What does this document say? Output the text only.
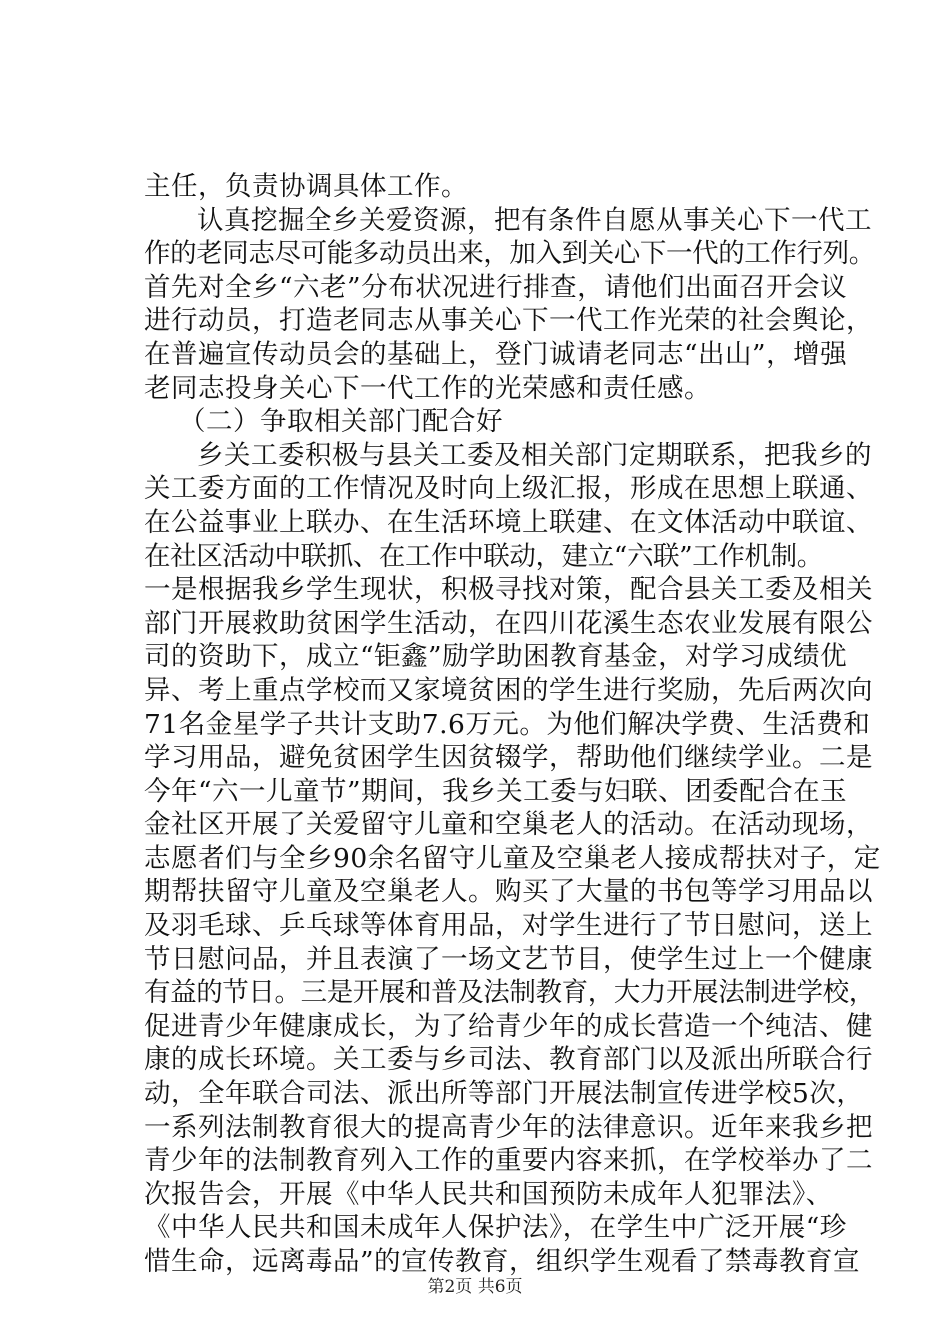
主任，负责协调具体工作。
认真挖掘全乡关爱资源，把有条件自愿从事关心下一代工
作的老同志尽可能多动员出来，加入到关心下一代的工作行列。
首先对全乡“六老”分布状况进行排查，请他们出面召开会议
进行动员，打造老同志从事关心下一代工作光荣的社会舆论，
在普遍宣传动员会的基础上，登门诚请老同志“出山”，增强
老同志投身关心下一代工作的光荣感和责任感。
（二）争取相关部门配合好
乡关工委积极与县关工委及相关部门定期联系，把我乡的
关工委方面的工作情况及时向上级汇报，形成在思想上联通、
在公益事业上联办、在生活环境上联建、在文体活动中联谊、
在社区活动中联抓、在工作中联动，建立“六联”工作机制。
一是根据我乡学生现状，积极寻找对策，配合县关工委及相关
部门开展救助贫困学生活动，在四川花溪生态农业发展有限公
司的资助下，成立“钜鑫”励学助困教育基金，对学习成绩优
异、考上重点学校而又家境贫困的学生进行奖励，先后两次向
71名金星学子共计支助7.6万元。为他们解决学费、生活费和
学习用品，避免贫困学生因贫辍学，帮助他们继续学业。二是
今年“六一儿童节”期间，我乡关工委与妇联、团委配合在玉
金社区开展了关爱留守儿童和空巢老人的活动。在活动现场，
志愿者们与全乡90余名留守儿童及空巢老人接成帮扶对子，定
期帮扶留守儿童及空巢老人。购买了大量的书包等学习用品以
及羽毛球、乒乓球等体育用品，对学生进行了节日慰问，送上
节日慰问品，并且表演了一场文艺节目，使学生过上一个健康
有益的节日。三是开展和普及法制教育，大力开展法制进学校，
促进青少年健康成长，为了给青少年的成长营造一个纯洁、健
康的成长环境。关工委与乡司法、教育部门以及派出所联合行
动，全年联合司法、派出所等部门开展法制宣传进学校5次，
一系列法制教育很大的提高青少年的法律意识。近年来我乡把
青少年的法制教育列入工作的重要内容来抓，在学校举办了二
次报告会，开展《中华人民共和国预防未成年人犯罪法》、
《中华人民共和国未成年人保护法》，在学生中广泛开展“珍
惜生命，远离毒品”的宣传教育，组织学生观看了禁毒教育宣
第2页 共6页
